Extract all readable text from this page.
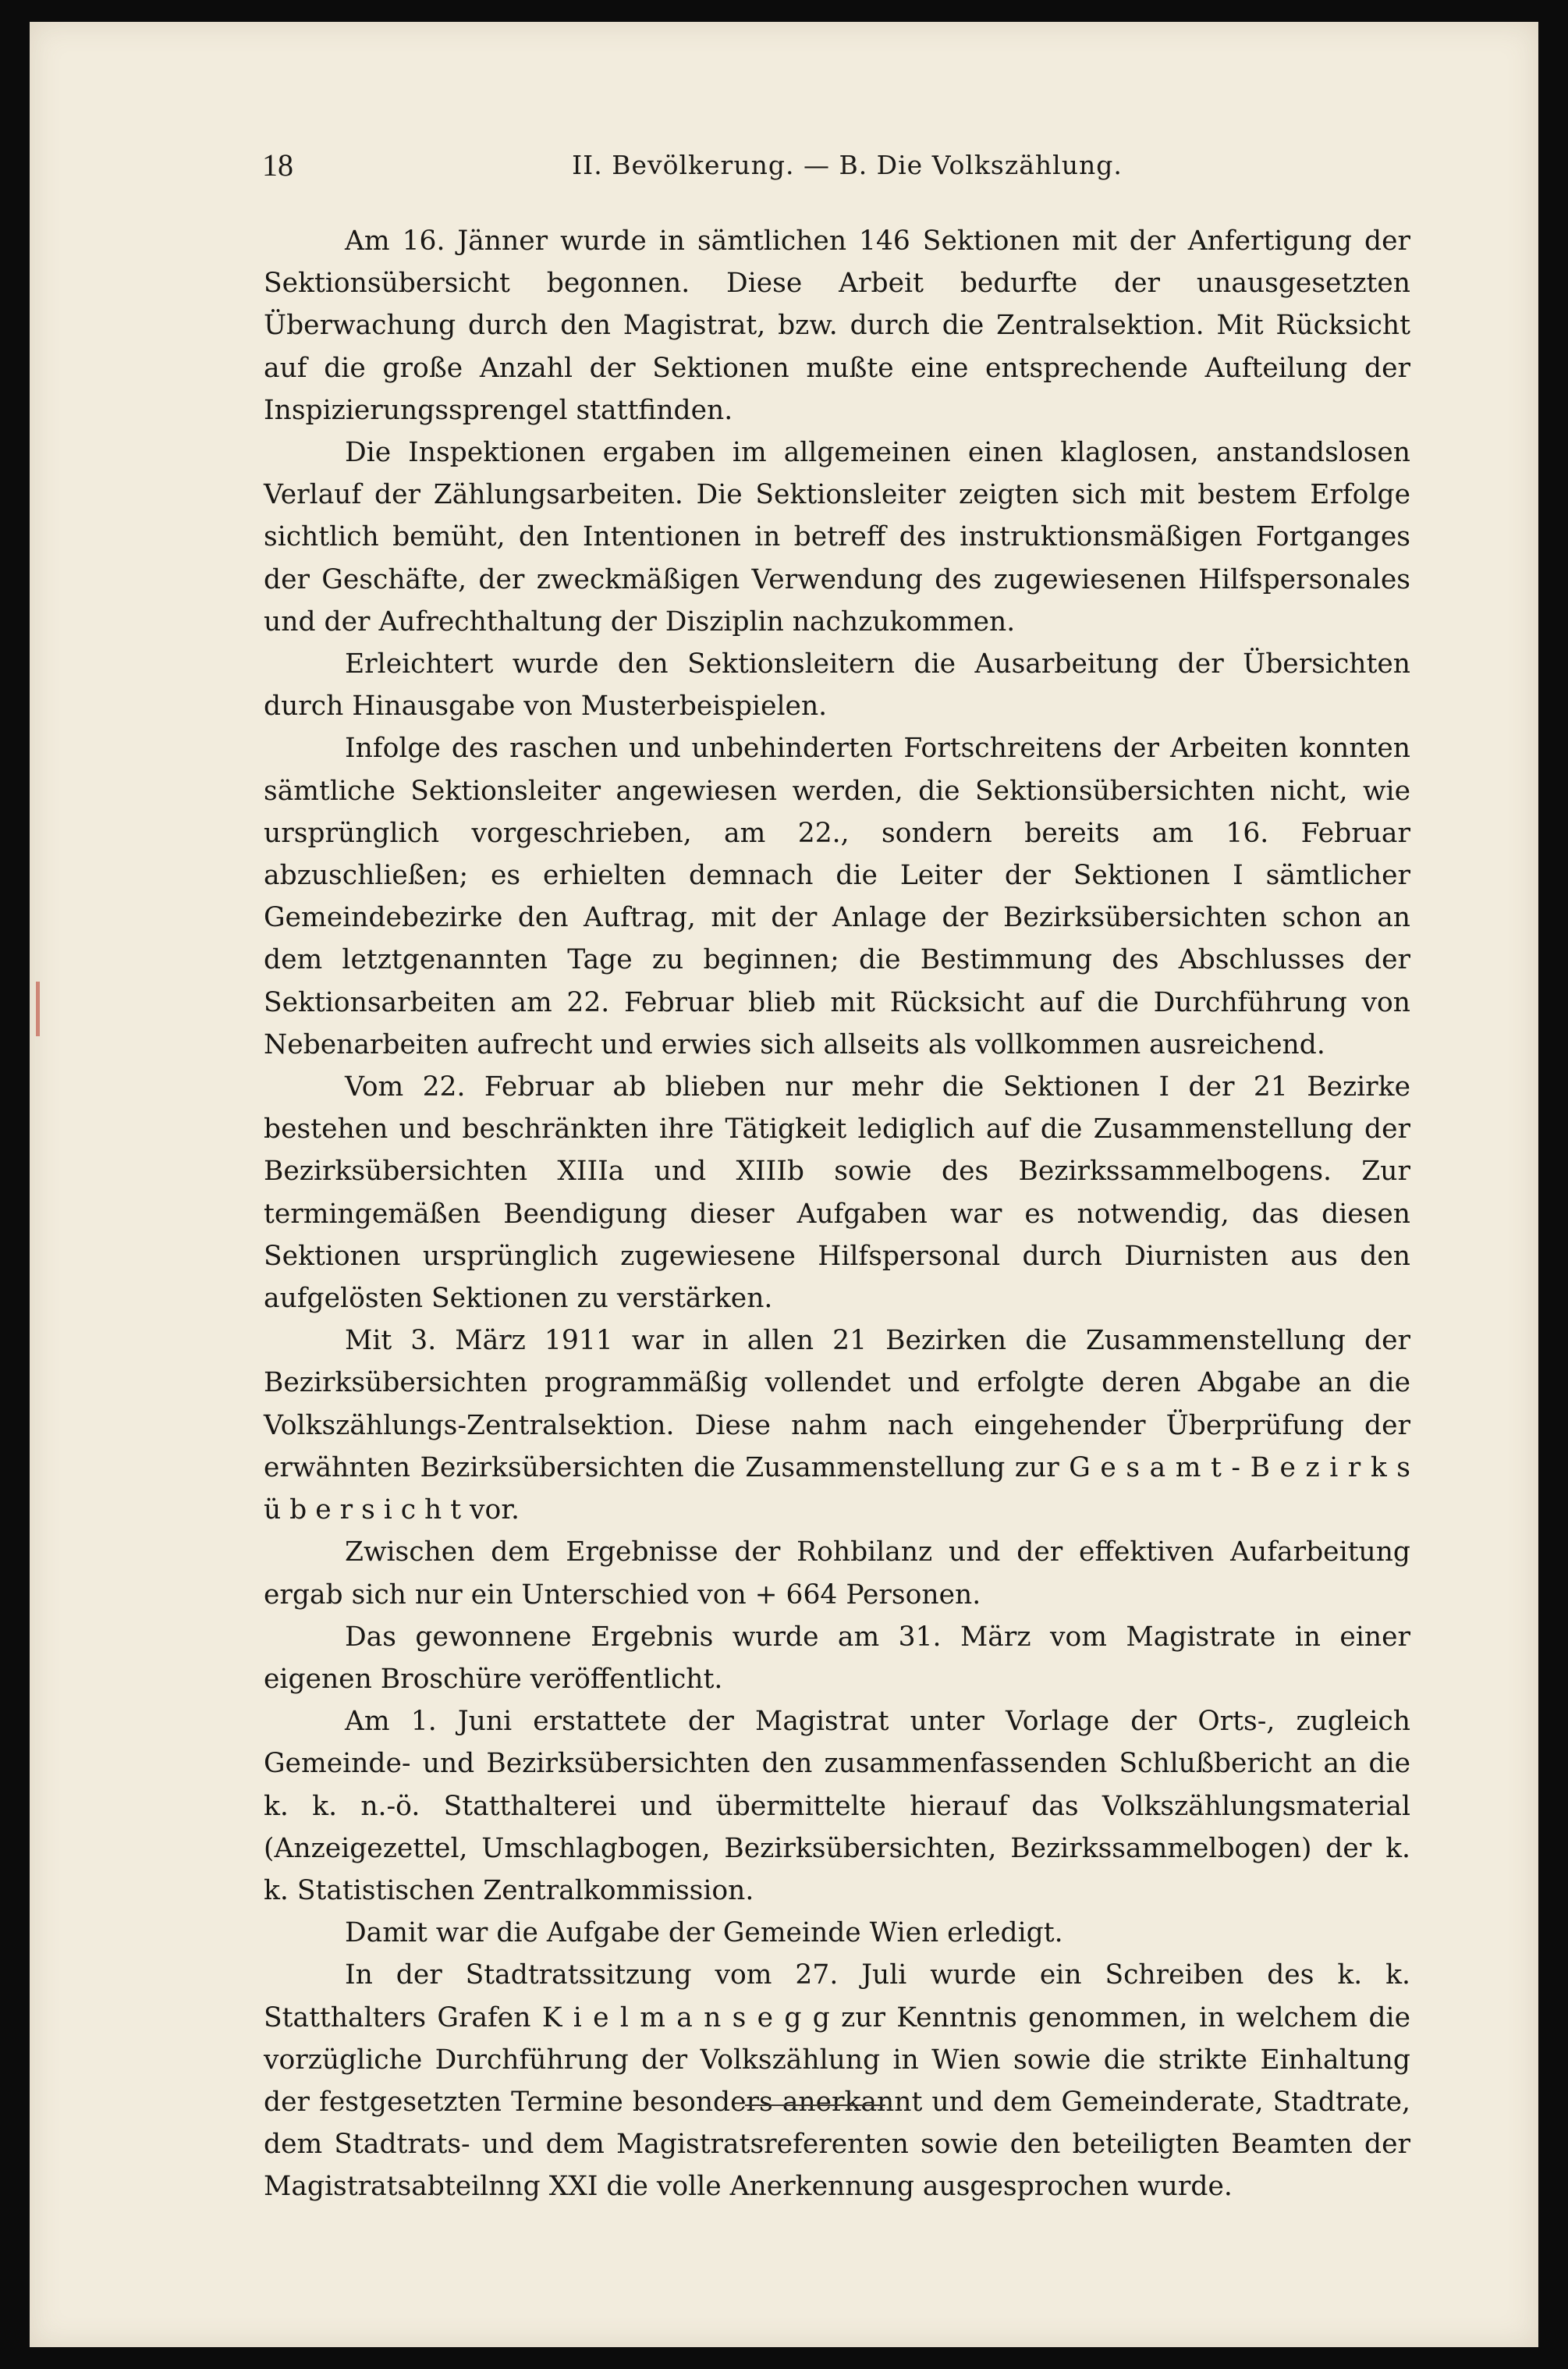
18	II. Bevölkerung. — B. Die Volkszählung.

Am 16. Jänner wurde in sämtlichen 146 Sektionen mit der Anfertigung der Sektionsübersicht begonnen. Diese Arbeit bedurfte der unausgesetzten Überwachung durch den Magistrat, bzw. durch die Zentralsektion. Mit Rücksicht auf die große Anzahl der Sektionen mußte eine entsprechende Aufteilung der Inspizierungssprengel stattfinden.

Die Inspektionen ergaben im allgemeinen einen klaglosen, anstandslosen Verlauf der Zählungsarbeiten. Die Sektionsleiter zeigten sich mit bestem Erfolge sichtlich bemüht, den Intentionen in betreff des instruktionsmäßigen Fortganges der Geschäfte, der zweckmäßigen Verwendung des zugewiesenen Hilfspersonales und der Aufrechthaltung der Disziplin nachzukommen.

Erleichtert wurde den Sektionsleitern die Ausarbeitung der Übersichten durch Hinausgabe von Musterbeispielen.

Infolge des raschen und unbehinderten Fortschreitens der Arbeiten konnten sämtliche Sektionsleiter angewiesen werden, die Sektionsübersichten nicht, wie ursprünglich vorgeschrieben, am 22., sondern bereits am 16. Februar abzuschließen; es erhielten demnach die Leiter der Sektionen I sämtlicher Gemeindebezirke den Auftrag, mit der Anlage der Bezirksübersichten schon an dem letztgenannten Tage zu beginnen; die Bestimmung des Abschlusses der Sektionsarbeiten am 22. Februar blieb mit Rücksicht auf die Durchführung von Nebenarbeiten aufrecht und erwies sich allseits als vollkommen ausreichend.

Vom 22. Februar ab blieben nur mehr die Sektionen I der 21 Bezirke bestehen und beschränkten ihre Tätigkeit lediglich auf die Zusammenstellung der Bezirksübersichten XIIIa und XIIIb sowie des Bezirkssammelbogens. Zur termingemäßen Beendigung dieser Aufgaben war es notwendig, das diesen Sektionen ursprünglich zugewiesene Hilfspersonal durch Diurnisten aus den aufgelösten Sektionen zu verstärken.

Mit 3. März 1911 war in allen 21 Bezirken die Zusammenstellung der Bezirksübersichten programmäßig vollendet und erfolgte deren Abgabe an die Volkszählungs-Zentralsektion. Diese nahm nach eingehender Überprüfung der erwähnten Bezirksübersichten die Zusammenstellung zur G e s a m t - B e z i r k s ü b e r s i c h t vor.

Zwischen dem Ergebnisse der Rohbilanz und der effektiven Aufarbeitung ergab sich nur ein Unterschied von + 664 Personen.

Das gewonnene Ergebnis wurde am 31. März vom Magistrate in einer eigenen Broschüre veröffentlicht.

Am 1. Juni erstattete der Magistrat unter Vorlage der Orts-, zugleich Gemeinde- und Bezirksübersichten den zusammenfassenden Schlußbericht an die k. k. n.-ö. Statthalterei und übermittelte hierauf das Volkszählungsmaterial (Anzeigezettel, Umschlagbogen, Bezirksübersichten, Bezirkssammelbogen) der k. k. Statistischen Zentralkommission.

Damit war die Aufgabe der Gemeinde Wien erledigt.

In der Stadtratssitzung vom 27. Juli wurde ein Schreiben des k. k. Statthalters Grafen K i e l m a n s e g g zur Kenntnis genommen, in welchem die vorzügliche Durchführung der Volkszählung in Wien sowie die strikte Einhaltung der festgesetzten Termine besonders anerkannt und dem Gemeinderate, Stadtrate, dem Stadtrats- und dem Magistratsreferenten sowie den beteiligten Beamten der Magistratsabteilnng XXI die volle Anerkennung ausgesprochen wurde.
